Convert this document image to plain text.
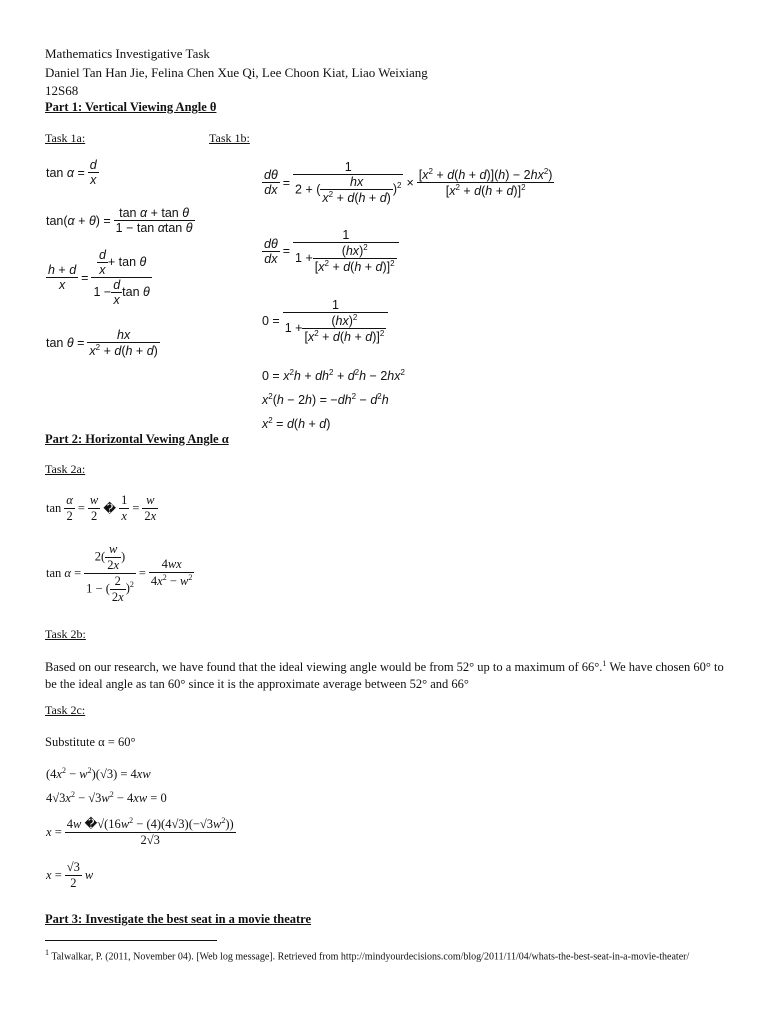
Mathematics Investigative Task
Daniel Tan Han Jie, Felina Chen Xue Qi, Lee Choon Kiat, Liao Weixiang
12S68
Part 1: Vertical Viewing Angle θ
Task 1a:	Task 1b:
$\tan \alpha = \frac{d}{x}$
$\tan(\alpha + \theta) = \frac{\text{tan α + tan θ}}{\text{1 − tan αtan θ}}$
$\frac{h + d}{x} = \frac{\frac{d}{x} + \tan \theta}{1 - \frac{d}{x} \tan \theta}$
$\tan \theta = \frac{hx}{x^2 + d(h + d)}$
$\frac{d\theta}{dx} = \frac{1}{2 + ( \frac{hx}{x^2 + d(h + d)} )^2} \times \frac{[x^2 + d(h + d)](h) - 2hx^2)}{[x^2 + d(h + d)]^2}$
$\frac{d\theta}{dx} = \frac{1}{1 + \frac{(hx)^2}{[x^2 + d(h + d)]^2}}$
$0 = \frac{1}{1 + \frac{(hx)^2}{[x^2 + d(h + d)]^2}}$
$0 = x^2h + dh^2 + d^2h - 2hx^2$
$x^2(h - 2h) = -dh^2 - d^2h$
$x^2 = d(h + d)$
Part 2: Horizontal Vewing Angle α
Task 2a:
$\tan \frac{\alpha}{2} = \frac{w}{2}$ � $\frac{1}{x} = \frac{w}{2x}$
$\tan \alpha = \frac{2( \frac{w}{2x} )}{1 - ( \frac{2}{2x} )^2} = \frac{4wx}{4x^2 - w^2}$
Task 2b:
Based on our research, we have found that the ideal viewing angle would be from 52° up to a maximum of 66°.$^1$ We have chosen 60° to be the ideal angle as tan 60° since it is the approximate average between 52° and 66°
Task 2c:
Substitute α = 60°
$(4x^2 - w^2)(√3) = 4xw$
$4√3x^2 - √3w^2 - 4xw = 0$
$x = \frac{4w �√(16w^2 - (4)(4√3)(-√3w^2))}{2√3}$
$x = \frac{√3}{2}$ w
Part 3: Investigate the best seat in a movie theatre
$^1$ Talwalkar, P. (2011, November 04). [Web log message]. Retrieved from http://mindyourdecisions.com/blog/2011/11/04/whats-the-best-seat-in-a-movie-theater/
